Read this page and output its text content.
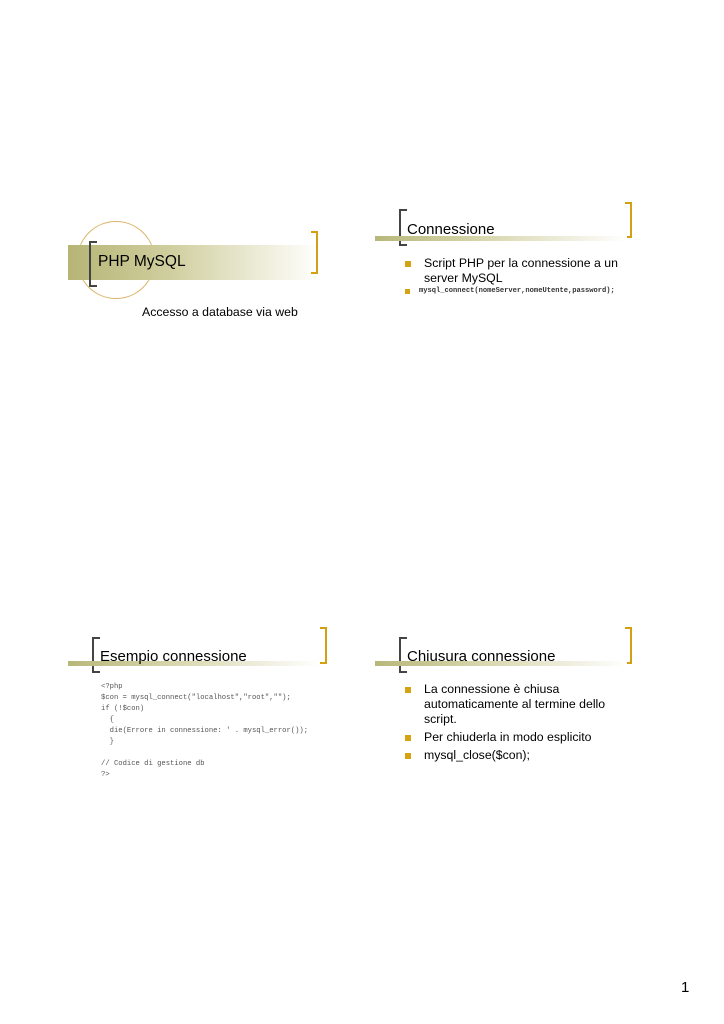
PHP MySQL
Accesso a database via web
Connessione
Script PHP per la connessione a un server MySQL
mysql_connect(nomeServer,nomeUtente,password);
Esempio connessione
<?php
$con = mysql_connect("localhost","root","");
if (!$con)
{
die(Errore in connessione: ' . mysql_error());
}
// Codice di gestione db
?>
Chiusura connessione
La connessione è chiusa automaticamente al termine dello script.
Per chiuderla in modo esplicito
mysql_close($con);
1
